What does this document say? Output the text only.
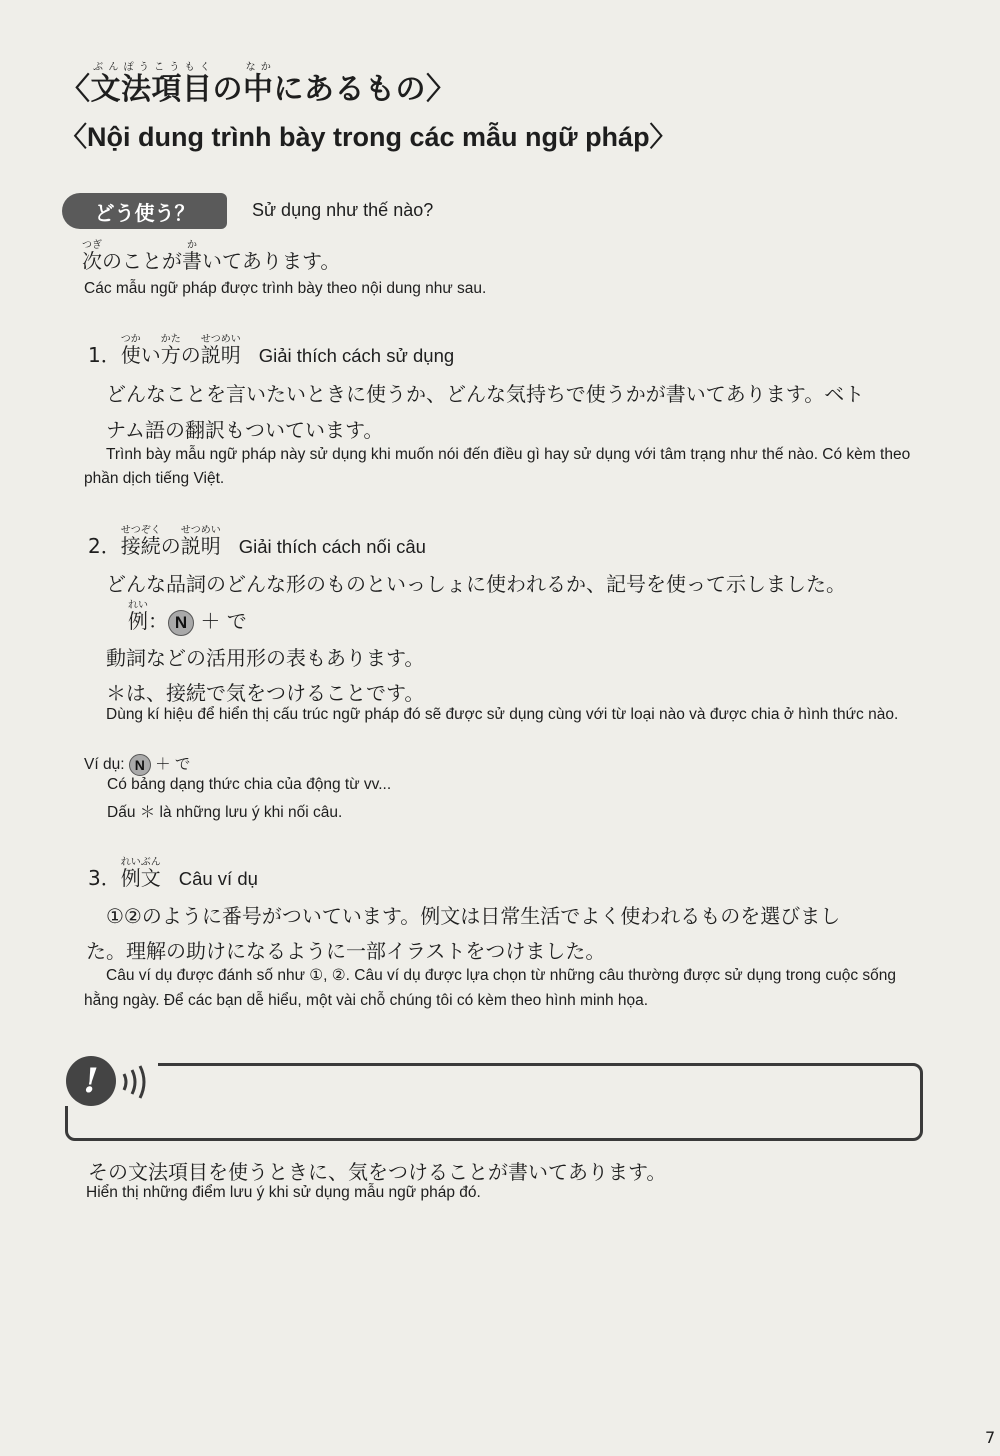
〈文法項目ぶんぽうこうもくの中なかにあるもの〉
〈Nội dung trình bày trong các mẫu ngữ pháp〉
どう使う？	Sử dụng như thế nào?
次つぎのことが書かいてあります。
Các mẫu ngữ pháp được trình bày theo nội dung như sau.
1．使つかい方かたの説明せつめいGiải thích cách sử dụng
どんなことを言いたいときに使うか、どんな気持ちで使うかが書いてあります。ベト
ナム語の翻訳もついています。
Trình bày mẫu ngữ pháp này sử dụng khi muốn nói đến điều gì hay sử dụng với tâm trạng như thế nào. Có kèm theo phần dịch tiếng Việt.
2．接続せつぞくの説明せつめいGiải thích cách nối câu
どんな品詞のどんな形のものといっしょに使われるか、記号を使って示しました。
例れい： N ＋ で
動詞などの活用形の表もあります。
＊は、接続で気をつけることです。
Dùng kí hiệu để hiển thị cấu trúc ngữ pháp đó sẽ được sử dụng cùng với từ loại nào và được chia ở hình thức nào.
Ví dụ: N ＋ で
Có bảng dạng thức chia của động từ vv...
Dấu ＊ là những lưu ý khi nối câu.
3．例文れいぶんCâu ví dụ
①②のように番号がついています。例文は日常生活でよく使われるものを選びまし
た。理解の助けになるように一部イラストをつけました。
Câu ví dụ được đánh số như ①, ②. Câu ví dụ được lựa chọn từ những câu thường được sử dụng trong cuộc sống hằng ngày. Để các bạn dễ hiểu, một vài chỗ chúng tôi có kèm theo hình minh họa.
!
その文法項目を使うときに、気をつけることが書いてあります。
Hiển thị những điểm lưu ý khi sử dụng mẫu ngữ pháp đó.
7
